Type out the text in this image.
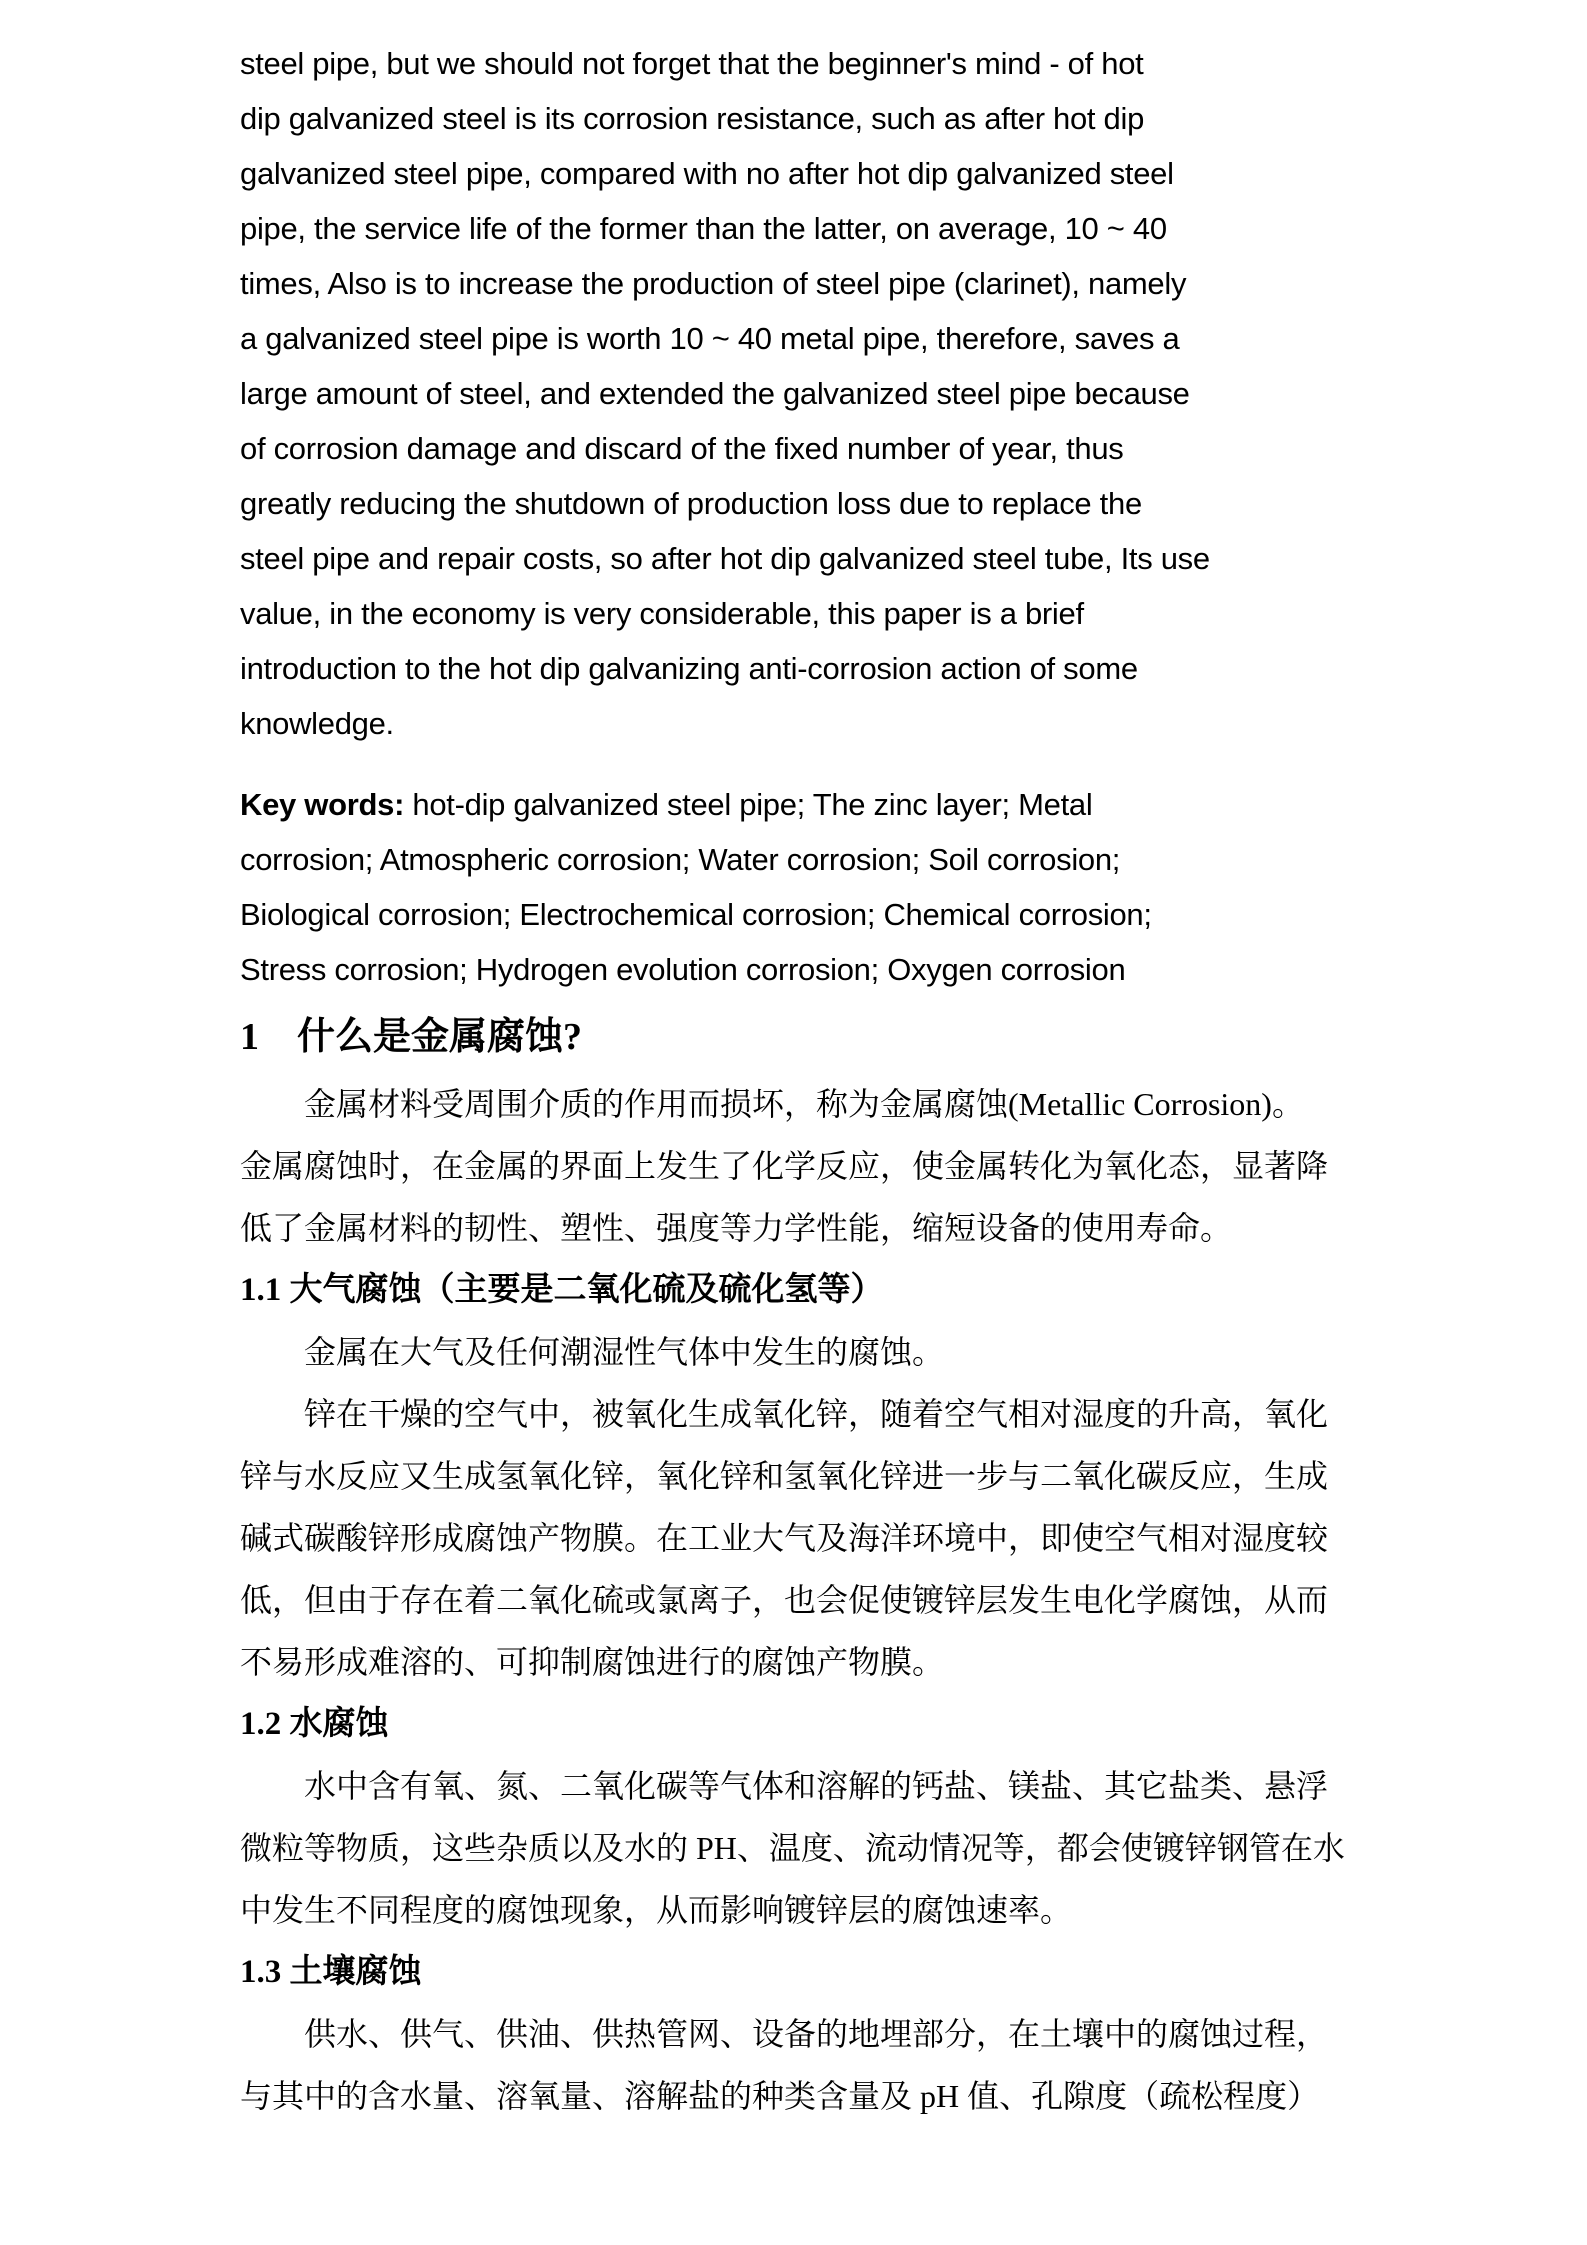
steel pipe, but we should not forget that the beginner's mind - of hot
dip galvanized steel is its corrosion resistance, such as after hot dip
galvanized steel pipe, compared with no after hot dip galvanized steel
pipe, the service life of the former than the latter, on average, 10 ~ 40
times, Also is to increase the production of steel pipe (clarinet), namely
a galvanized steel pipe is worth 10 ~ 40 metal pipe, therefore, saves a
large amount of steel, and extended the galvanized steel pipe because
of corrosion damage and discard of the fixed number of year, thus
greatly reducing the shutdown of production loss due to replace the
steel pipe and repair costs, so after hot dip galvanized steel tube, Its use
value, in the economy is very considerable, this paper is a brief
introduction to the hot dip galvanizing anti-corrosion action of some
knowledge.
Key words: hot-dip galvanized steel pipe; The zinc layer; Metal
corrosion; Atmospheric corrosion; Water corrosion; Soil corrosion;
Biological corrosion; Electrochemical corrosion; Chemical corrosion;
Stress corrosion; Hydrogen evolution corrosion; Oxygen corrosion
1　什么是金属腐蚀?
　　金属材料受周围介质的作用而损坏，称为金属腐蚀(Metallic Corrosion)。
金属腐蚀时，在金属的界面上发生了化学反应，使金属转化为氧化态，显著降
低了金属材料的韧性、塑性、强度等力学性能，缩短设备的使用寿命。
1.1 大气腐蚀（主要是二氧化硫及硫化氢等）
　　金属在大气及任何潮湿性气体中发生的腐蚀。
　　锌在干燥的空气中，被氧化生成氧化锌，随着空气相对湿度的升高，氧化
锌与水反应又生成氢氧化锌，氧化锌和氢氧化锌进一步与二氧化碳反应，生成
碱式碳酸锌形成腐蚀产物膜。在工业大气及海洋环境中，即使空气相对湿度较
低，但由于存在着二氧化硫或氯离子，也会促使镀锌层发生电化学腐蚀，从而
不易形成难溶的、可抑制腐蚀进行的腐蚀产物膜。
1.2 水腐蚀
　　水中含有氧、氮、二氧化碳等气体和溶解的钙盐、镁盐、其它盐类、悬浮
微粒等物质，这些杂质以及水的 PH、温度、流动情况等，都会使镀锌钢管在水
中发生不同程度的腐蚀现象，从而影响镀锌层的腐蚀速率。
1.3 土壤腐蚀
　　供水、供气、供油、供热管网、设备的地埋部分，在土壤中的腐蚀过程，
与其中的含水量、溶氧量、溶解盐的种类含量及 pH 值、孔隙度（疏松程度）
